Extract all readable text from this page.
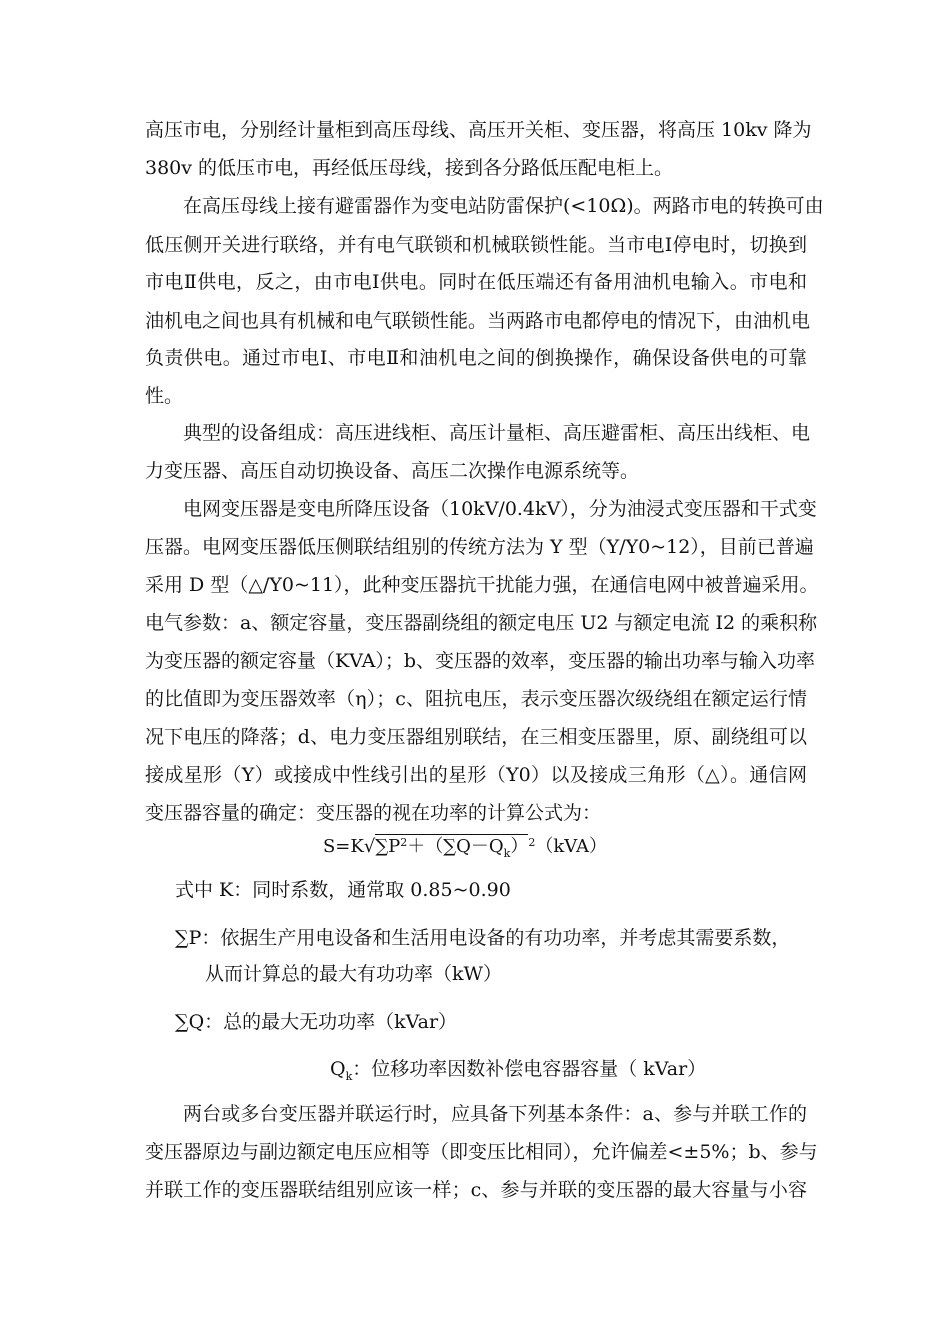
高压市电，分别经计量柜到高压母线、高压开关柜、变压器，将高压 10kv 降为
380v 的低压市电，再经低压母线，接到各分路低压配电柜上。
在高压母线上接有避雷器作为变电站防雷保护(<10Ω)。两路市电的转换可由
低压侧开关进行联络，并有电气联锁和机械联锁性能。当市电Ⅰ停电时，切换到
市电Ⅱ供电，反之，由市电Ⅰ供电。同时在低压端还有备用油机电输入。市电和
油机电之间也具有机械和电气联锁性能。当两路市电都停电的情况下，由油机电
负责供电。通过市电Ⅰ、市电Ⅱ和油机电之间的倒换操作，确保设备供电的可靠
性。
典型的设备组成：高压进线柜、高压计量柜、高压避雷柜、高压出线柜、电
力变压器、高压自动切换设备、高压二次操作电源系统等。
电网变压器是变电所降压设备（10kV/0.4kV），分为油浸式变压器和干式变
压器。电网变压器低压侧联结组别的传统方法为 Y 型（Y/Y0~12），目前已普遍
采用 D 型（△/Y0~11），此种变压器抗干扰能力强，在通信电网中被普遍采用。
电气参数：a、额定容量，变压器副绕组的额定电压 U2 与额定电流 I2 的乘积称
为变压器的额定容量（KVA）；b、变压器的效率，变压器的输出功率与输入功率
的比值即为变压器效率（η）；c、阻抗电压，表示变压器次级绕组在额定运行情
况下电压的降落；d、电力变压器组别联结，在三相变压器里，原、副绕组可以
接成星形（Y）或接成中性线引出的星形（Y0）以及接成三角形（△）。通信网
变压器容量的确定：变压器的视在功率的计算公式为：
$S=K√\sum P^2+(\sum Q-Q_k)^2(kVA)$
式中 K：同时系数，通常取 0.85~0.90
∑P：依据生产用电设备和生活用电设备的有功功率，并考虑其需要系数，
从而计算总的最大有功功率（kW）
∑Q：总的最大无功功率（kVar）
$Q_k$：位移功率因数补偿电容器容量（ kVar）
两台或多台变压器并联运行时，应具备下列基本条件：a、参与并联工作的
变压器原边与副边额定电压应相等（即变压比相同），允许偏差<±5%；b、参与
并联工作的变压器联结组别应该一样；c、参与并联的变压器的最大容量与小容
